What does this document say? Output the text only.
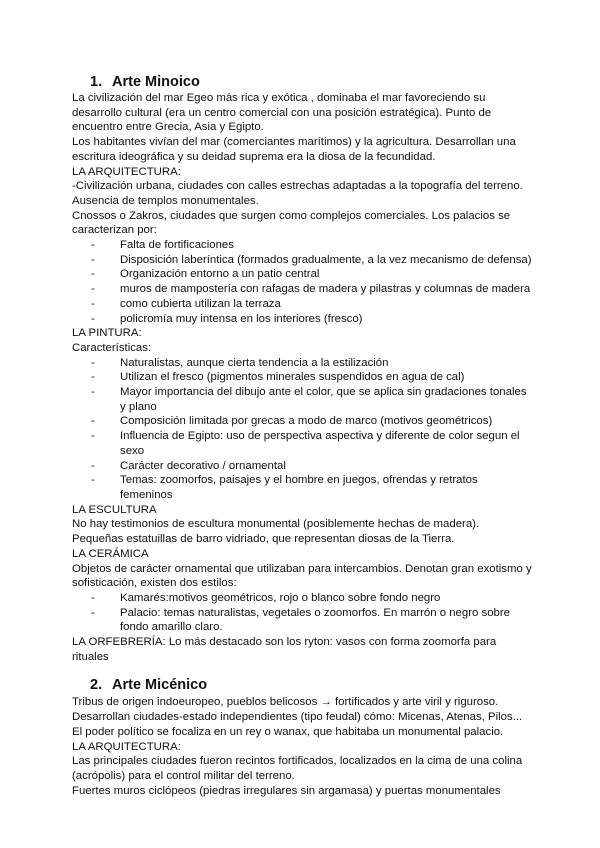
1. Arte Minoico

La civilización del mar Egeo más rica y exótica , dominaba el mar favoreciendo su desarrollo cultural (era un centro comercial con una posición estratégica). Punto de encuentro entre Grecia, Asia y Egipto.

Los habitantes vivían del mar (comerciantes marítimos) y la agricultura. Desarrollan una escritura ideográfica y su deidad suprema era la diosa de la fecundidad.

LA ARQUITECTURA:

-Civilización urbana, ciudades con calles estrechas adaptadas a la topografía del terreno. Ausencia de templos monumentales.

Cnossos o Zakros, ciudades que surgen como complejos comerciales. Los palacios se caracterizan por:

- Falta de fortificaciones
- Disposición laberíntica (formados gradualmente, a la vez mecanismo de defensa)
- Organización entorno a un patio central
- muros de mampostería con rafagas de madera y pilastras y columnas de madera
- como cubierta utilizan la terraza
- policromía muy intensa en los interiores (fresco)

LA PINTURA:

Características:

- Naturalistas, aunque cierta tendencia a la estilización
- Utilizan el fresco (pigmentos minerales suspendidos en agua de cal)
- Mayor importancia del dibujo ante el color, que se aplica sin gradaciones tonales y plano
- Composición limitada por grecas a modo de marco (motivos geométricos)
- Influencia de Egipto: uso de perspectiva aspectiva y diferente de color segun el sexo
- Carácter decorativo / ornamental
- Temas: zoomorfos, paisajes y el hombre en juegos, ofrendas y retratos femeninos

LA ESCULTURA

No hay testimonios de escultura monumental (posiblemente hechas de madera). Pequeñas estatuillas de barro vidriado, que representan diosas de la Tierra.

LA CERÁMICA

Objetos de carácter ornamental que utilizaban para intercambios. Denotan gran exotismo y sofisticación, existen dos estilos:

- Kamarés:motivos geométricos, rojo o blanco sobre fondo negro
- Palacio: temas naturalistas, vegetales o zoomorfos. En marrón o negro sobre fondo amarillo claro.

LA ORFEBRERÍA: Lo más destacado son los ryton: vasos con forma zoomorfa para rituales

2. Arte Micénico

Tribus de origen indoeuropeo, pueblos belicosos → fortificados y arte viril y riguroso.

Desarrollan ciudades-estado independientes (tipo feudal) cómo: Micenas, Atenas, Pilos...

El poder político se focaliza en un rey o wanax, que habitaba un monumental palacio.

LA ARQUITECTURA:

Las principales ciudades fueron recintos fortificados, localizados en la cima de una colina (acrópolis) para el control militar del terreno.

Fuertes muros ciclópeos (piedras irregulares sin argamasa) y puertas monumentales
